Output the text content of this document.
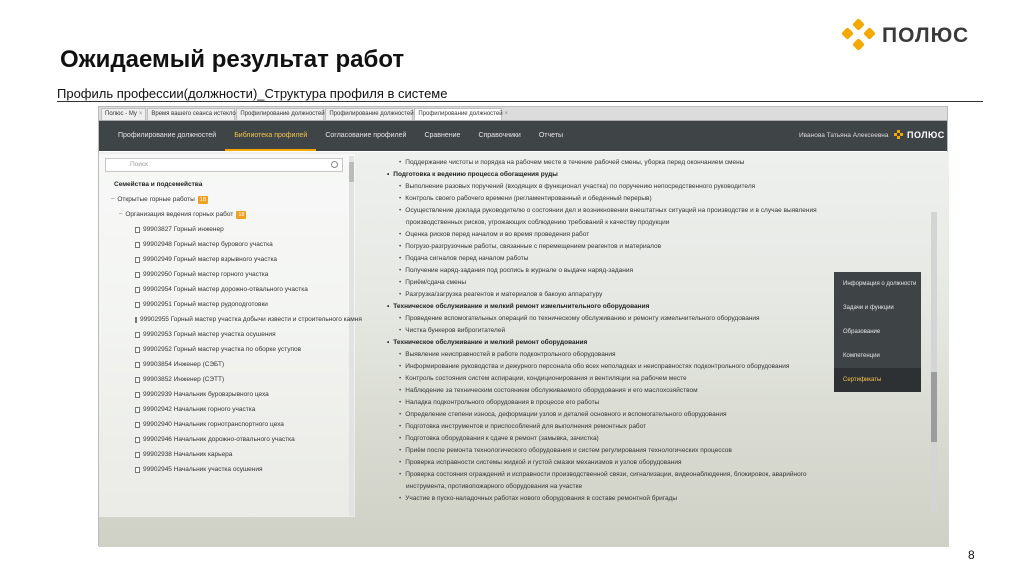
Ожидаемый результат работ
Профиль профессии(должности)_Структура профиля в системе
ПОЛЮС
Полюс - My ×	Время вашего сеанса истекло Профилирование должностей Профилирование должностей Профилирование должностей ×
Профилирование должностей	Библиотека профилей	Согласование профилей	Сравнение	Справочники	Отчеты	Иванова Татьяна Алексеевна ПОЛЮС
Поиск
Семейства и подсемейства
– Открытые горные работы 18
– Организация ведения горных работ 18
99903827 Горный инженер
99902948 Горный мастер бурового участка
99902949 Горный мастер взрывного участка
99902950 Горный мастер горного участка
99902954 Горный мастер дорожно-отвального участка
99902951 Горный мастер рудоподготовки
99902955 Горный мастер участка добычи извести и строительного камня
99902953 Горный мастер участка осушения
99902952 Горный мастер участка по оборке уступов
99903854 Инженер (СЭБТ)
99903852 Инженер (СЭТТ)
99902939 Начальник буровзрывного цеха
99902942 Начальник горного участка
99902940 Начальник горнотранспортного цеха
99902946 Начальник дорожно-отвального участка
99902938 Начальник карьера
99902945 Начальник участка осушения
• Поддержание чистоты и порядка на рабочем месте в течение рабочей смены, уборка перед окончанием смены
• Подготовка к ведению процесса обогащения руды
• Выполнение разовых поручений (входящих в функционал участка) по поручению непосредственного руководителя
• Контроль своего рабочего времени (регламентированный и обеденный перерыв)
• Осуществление доклада руководителю о состоянии дел и возникновении внештатных ситуаций на производстве и в случае выявления
производственных рисков, угрожающих соблюдению требований к качеству продукции
• Оценка рисков перед началом и во время проведения работ
• Погрузо-разгрузочные работы, связанные с перемещением реагентов и материалов
• Подача сигналов перед началом работы
• Получение наряд-задания под роспись в журнале о выдаче наряд-задания
• Приём/сдача смены
• Разгрузка/загрузка реагентов и материалов в бакоую аппаратуру
• Техническое обслуживание и мелкий ремонт измельчительного оборудования
• Проведение вспомогательных операций по техническому обслуживанию и ремонту измельчительного оборудования
• Чистка бункеров виброгитателей
• Техническое обслуживание и мелкий ремонт оборудования
• Выявление неисправностей в работе подконтрольного оборудования
• Информирование руководства и дежурного персонала обо всех неполадках и неисправностях подконтрольного оборудования
• Контроль состояния систем аспирации, кондиционирования и вентиляции на рабочем месте
• Наблюдение за техническим состоянием обслуживаемого оборудования и его маслохозяйством
• Наладка подконтрольного оборудования в процессе его работы
• Определение степени износа, деформации узлов и деталей основного и вспомогательного оборудования
• Подготовка инструментов и приспособлений для выполнения ремонтных работ
• Подготовка оборудования к сдаче в ремонт (замывка, зачистка)
• Приём после ремонта технологического оборудования и систем регулирования технологических процессов
• Проверка исправности системы жидкой и густой смазки механизмов и узлов оборудования
• Проверка состояния ограждений и исправности производственной связи, сигнализации, видеонаблюдения, блокировок, аварийного
инструмента, противопожарного оборудования на участке
• Участие в пуско-наладочных работах нового оборудования в составе ремонтной бригады
Информация о должности
Задачи и функции
Образование
Компетенции
Сертификаты
8
